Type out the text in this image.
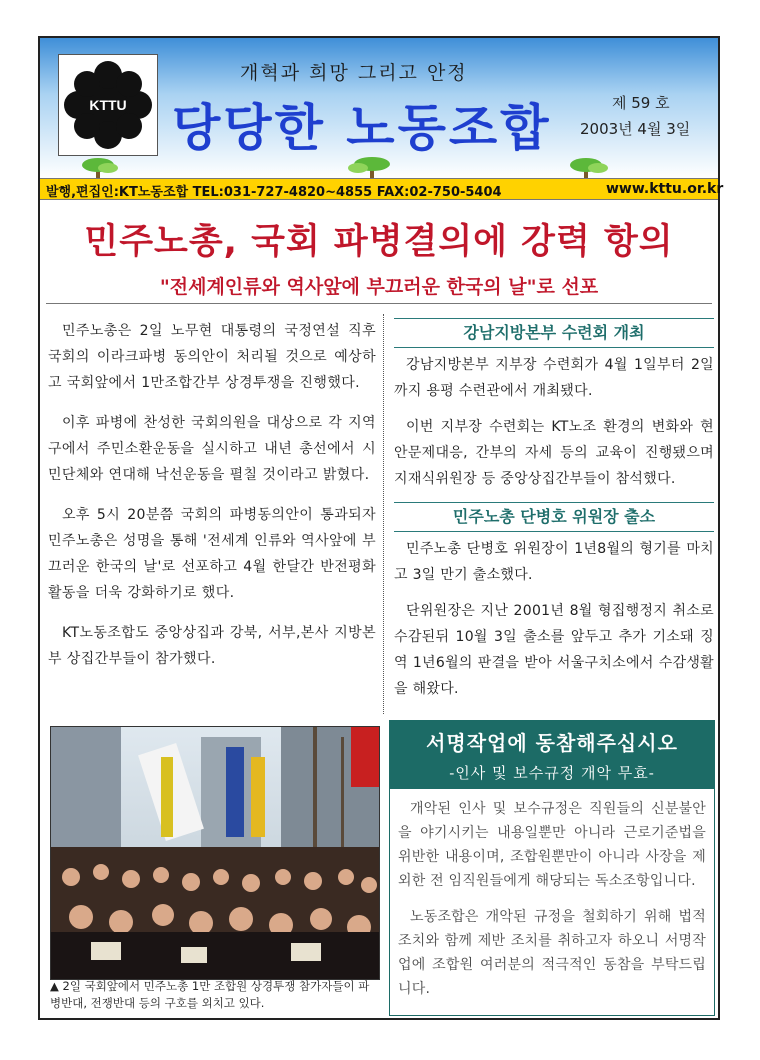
KTTU
개혁과 희망 그리고 안정
당당한 노동조합	제 59 호
2003년 4월 3일
발행,편집인:KT노동조합 TEL:031-727-4820~4855 FAX:02-750-5404	www.kttu.or.kr
민주노총, 국회 파병결의에 강력 항의
"전세계인류와 역사앞에 부끄러운 한국의 날"로 선포

민주노총은 2일 노무현 대통령의 국정연설 직후 국회의 이라크파병 동의안이 처리될 것으로 예상하고 국회앞에서 1만조합간부 상경투쟁을 진행했다.

이후 파병에 찬성한 국회의원을 대상으로 각 지역구에서 주민소환운동을 실시하고 내년 총선에서 시민단체와 연대해 낙선운동을 펼칠 것이라고 밝혔다.

오후 5시 20분쯤 국회의 파병동의안이 통과되자 민주노총은 성명을 통해 '전세계 인류와 역사앞에 부끄러운 한국의 날'로 선포하고 4월 한달간 반전평화활동을 더욱 강화하기로 했다.

KT노동조합도 중앙상집과 강북, 서부,본사 지방본부 상집간부들이 참가했다.

강남지방본부 수련회 개최

강남지방본부 지부장 수련회가 4월 1일부터 2일까지 용평 수련관에서 개최됐다.

이번 지부장 수련회는 KT노조 환경의 변화와 현안문제대응, 간부의 자세 등의 교육이 진행됐으며 지재식위원장 등 중앙상집간부들이 참석했다.

민주노총 단병호 위원장 출소

민주노총 단병호 위원장이 1년8월의 형기를 마치고 3일 만기 출소했다.

단위원장은 지난 2001년 8월 형집행정지 취소로 수감된뒤 10월 3일 출소를 앞두고 추가 기소돼 징역 1년6월의 판결을 받아 서울구치소에서 수감생활을 해왔다.

▲ 2일 국회앞에서 민주노총 1만 조합원 상경투쟁 참가자들이 파병반대, 전쟁반대 등의 구호를 외치고 있다.
서명작업에 동참해주십시오
-인사 및 보수규정 개악 무효-

개악된 인사 및 보수규정은 직원들의 신분불안을 야기시키는 내용일뿐만 아니라 근로기준법을 위반한 내용이며, 조합원뿐만이 아니라 사장을 제외한 전 임직원들에게 해당되는 독소조항입니다.

노동조합은 개악된 규정을 철회하기 위해 법적조치와 함께 제반 조치를 취하고자 하오니 서명작업에 조합원 여러분의 적극적인 동참을 부탁드립니다.
